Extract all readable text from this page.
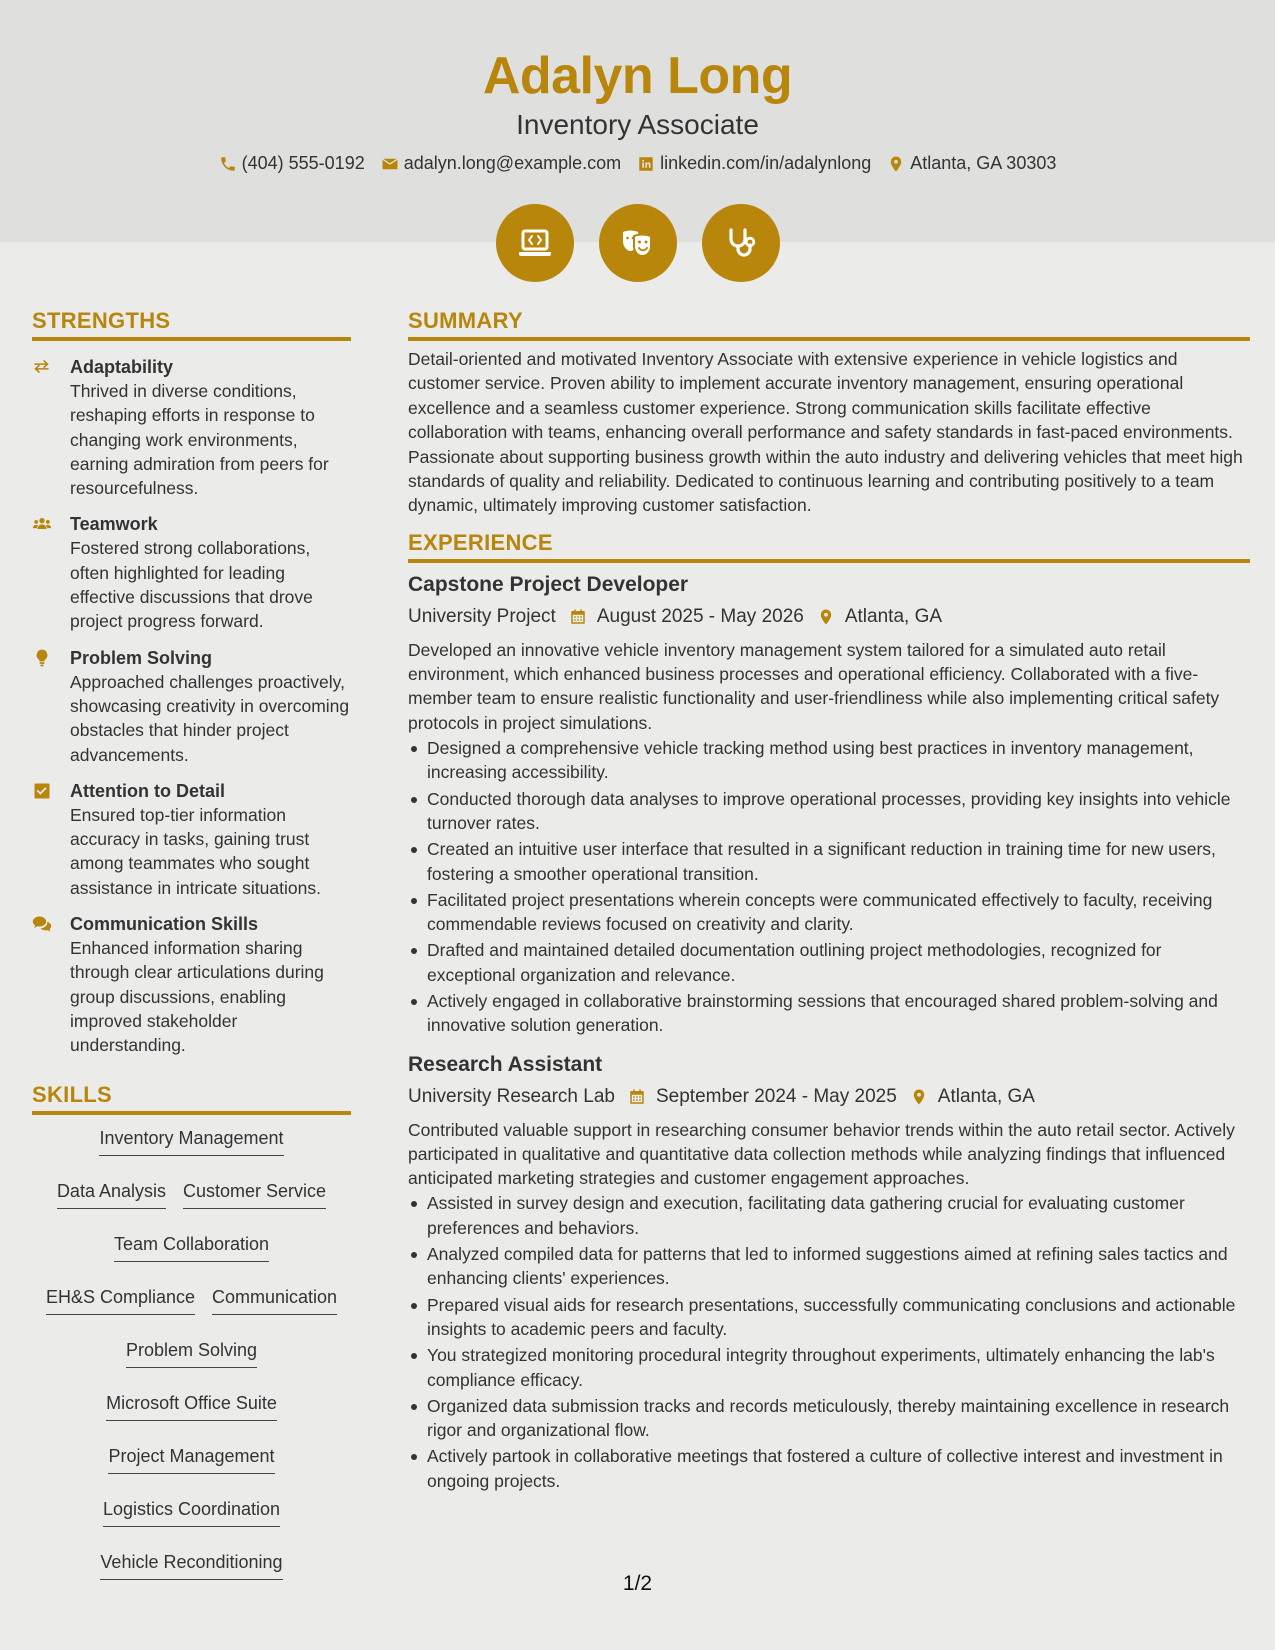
Adalyn Long
Inventory Associate
(404) 555-0192 adalyn.long@example.com linkedin.com/in/adalynlong Atlanta, GA 30303
STRENGTHS
Adaptability
Thrived in diverse conditions, reshaping efforts in response to changing work environments, earning admiration from peers for resourcefulness.
Teamwork
Fostered strong collaborations, often highlighted for leading effective discussions that drove project progress forward.
Problem Solving
Approached challenges proactively, showcasing creativity in overcoming obstacles that hinder project advancements.
Attention to Detail
Ensured top-tier information accuracy in tasks, gaining trust among teammates who sought assistance in intricate situations.
Communication Skills
Enhanced information sharing through clear articulations during group discussions, enabling improved stakeholder understanding.
SKILLS
Inventory Management
Data Analysis Customer Service
Team Collaboration
EH&S Compliance Communication
Problem Solving
Microsoft Office Suite
Project Management
Logistics Coordination
Vehicle Reconditioning
SUMMARY

Detail-oriented and motivated Inventory Associate with extensive experience in vehicle logistics and customer service. Proven ability to implement accurate inventory management, ensuring operational excellence and a seamless customer experience. Strong communication skills facilitate effective collaboration with teams, enhancing overall performance and safety standards in fast-paced environments. Passionate about supporting business growth within the auto industry and delivering vehicles that meet high standards of quality and reliability. Dedicated to continuous learning and contributing positively to a team dynamic, ultimately improving customer satisfaction.

EXPERIENCE
Capstone Project Developer
University Project August 2025 - May 2026 Atlanta, GA

Developed an innovative vehicle inventory management system tailored for a simulated auto retail environment, which enhanced business processes and operational efficiency. Collaborated with a five-member team to ensure realistic functionality and user-friendliness while also implementing critical safety protocols in project simulations.

Designed a comprehensive vehicle tracking method using best practices in inventory management, increasing accessibility.
Conducted thorough data analyses to improve operational processes, providing key insights into vehicle turnover rates.
Created an intuitive user interface that resulted in a significant reduction in training time for new users, fostering a smoother operational transition.
Facilitated project presentations wherein concepts were communicated effectively to faculty, receiving commendable reviews focused on creativity and clarity.
Drafted and maintained detailed documentation outlining project methodologies, recognized for exceptional organization and relevance.
Actively engaged in collaborative brainstorming sessions that encouraged shared problem-solving and innovative solution generation.
Research Assistant
University Research Lab September 2024 - May 2025 Atlanta, GA

Contributed valuable support in researching consumer behavior trends within the auto retail sector. Actively participated in qualitative and quantitative data collection methods while analyzing findings that influenced anticipated marketing strategies and customer engagement approaches.

Assisted in survey design and execution, facilitating data gathering crucial for evaluating customer preferences and behaviors.
Analyzed compiled data for patterns that led to informed suggestions aimed at refining sales tactics and enhancing clients' experiences.
Prepared visual aids for research presentations, successfully communicating conclusions and actionable insights to academic peers and faculty.
You strategized monitoring procedural integrity throughout experiments, ultimately enhancing the lab's compliance efficacy.
Organized data submission tracks and records meticulously, thereby maintaining excellence in research rigor and organizational flow.
Actively partook in collaborative meetings that fostered a culture of collective interest and investment in ongoing projects.
1/2
